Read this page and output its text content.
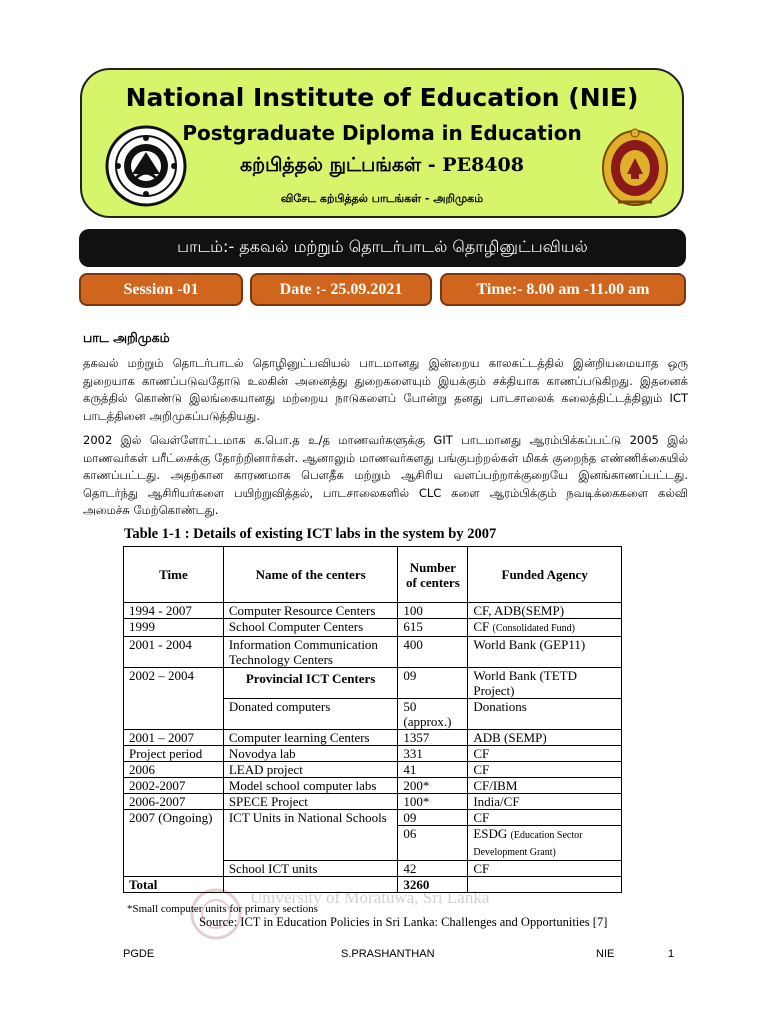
National Institute of Education (NIE)
Postgraduate Diploma in Education
கற்பித்தல் நுட்பங்கள் - PE8408
விசேட கற்பித்தல் பாடங்கள் - அறிமுகம்
பாடம்:- தகவல் மற்றும் தொடர்பாடல் தொழினுட்பவியல்
Session -01	Date :- 25.09.2021	Time:- 8.00 am -11.00 am
பாட அறிமுகம்
தகவல் மற்றும் தொடர்பாடல் தொழினுட்பவியல் பாடமானது இன்றைய காலகட்டத்தில் இன்றியமையாத ஒரு துறையாக காணப்படுவதோடு உலகின் அனைத்து துறைகளையும் இயக்கும் சக்தியாக காணப்படுகிறது. இதனைக் கருத்தில் கொண்டு இலங்கையானது மற்றைய நாடுகளைப் போன்று தனது பாடசாலைக் கலைத்திட்டத்திலும் ICT பாடத்தினை அறிமுகப்படுத்தியது.
2002 இல் வெள்ளோட்டமாக க.பொ.த உ/த மாணவர்களுக்கு GIT பாடமானது ஆரம்பிக்கப்பட்டு 2005 இல் மாணவர்கள் பரீட்சைக்கு தோற்றினார்கள். ஆனாலும் மாணவர்களது பங்குபற்றல்கள் மிகக் குறைந்த எண்ணிக்கையில் காணப்பட்டது. அதற்கான காரணமாக பௌதீக மற்றும் ஆசிரிய வளப்பற்றாக்குறையே இனங்காணப்பட்டது. தொடர்ந்து ஆசிரியர்களை பயிற்றுவித்தல், பாடசாலைகளில் CLC களை ஆரம்பிக்கும் நவடிக்கைகளை கல்வி அமைச்சு மேற்கொண்டது.
Table 1-1 : Details of existing ICT labs in the system by 2007
Time	Name of the centers	Number of centers	Funded Agency
1994 - 2007	Computer Resource Centers	100	CF, ADB(SEMP)
1999	School Computer Centers	615	CF (Consolidated Fund)
2001 - 2004	Information Communication Technology Centers	400	World Bank (GEP11)
2002 – 2004	Provincial ICT Centers	09	World Bank (TETD Project)
	Donated computers	50 (approx.)	Donations
2001 – 2007	Computer learning Centers	1357	ADB (SEMP)
Project period	Novodya lab	331	CF
2006	LEAD project	41	CF
2002-2007	Model school computer labs	200*	CF/IBM
2006-2007	SPECE Project	100*	India/CF
2007 (Ongoing)	ICT Units in National Schools	09	CF
		06	ESDG (Education Sector Development Grant)
	School ICT units	42	CF
Total		3260	
University of Moratuwa, Sri Lanka
*Small computer units for primary sections
Source: ICT in Education Policies in Sri Lanka: Challenges and Opportunities [7]
PGDE	S.PRASHANTHAN	NIE	1
